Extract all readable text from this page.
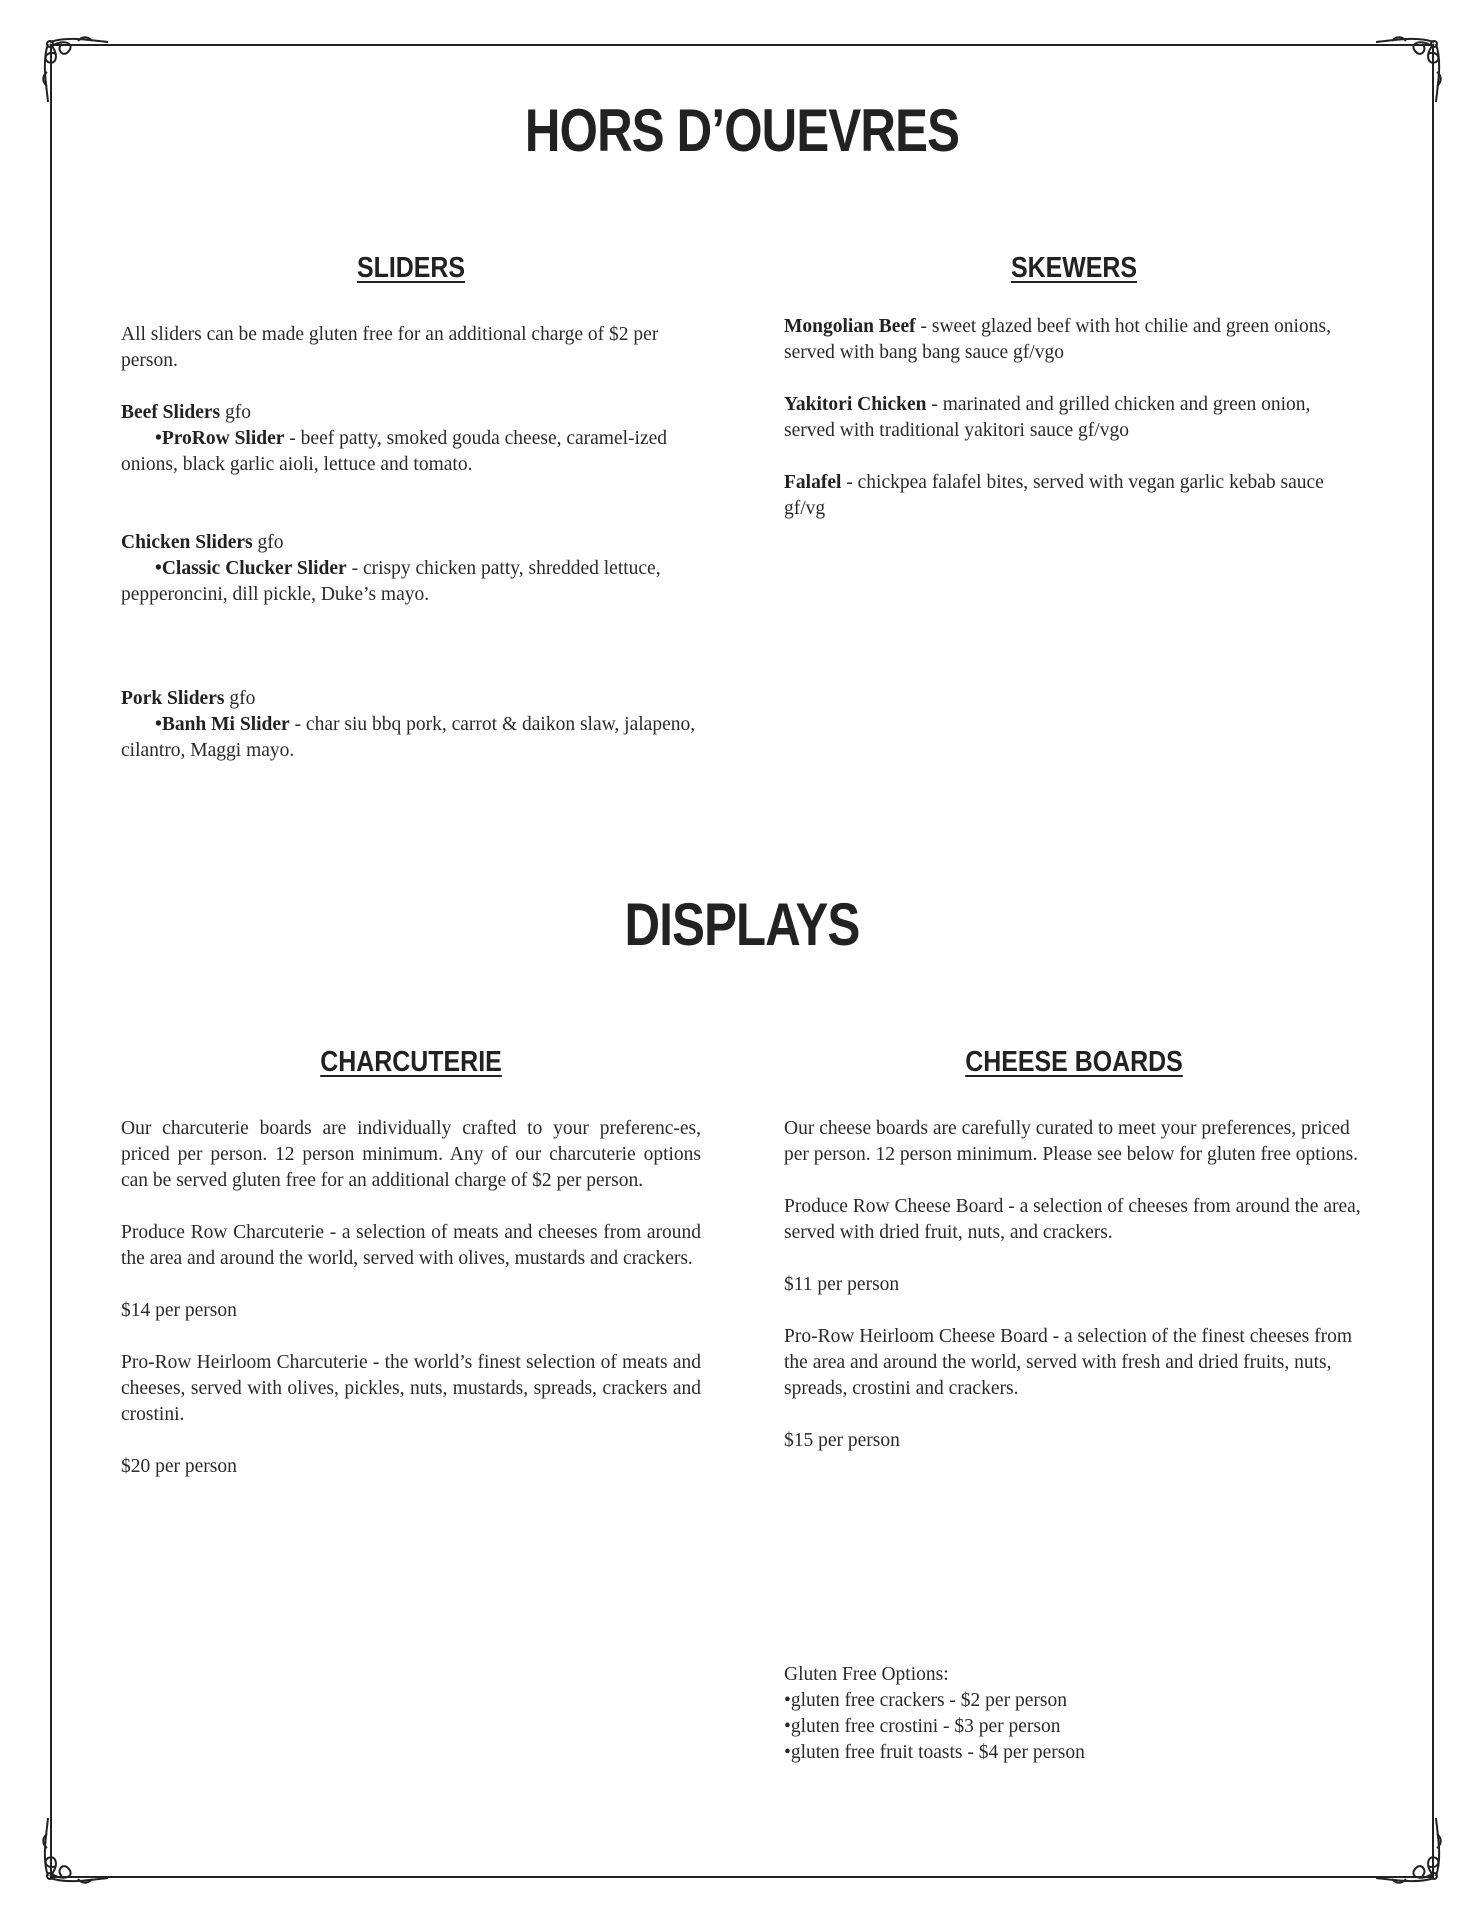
HORS D’OUEVRES
SLIDERS	SKEWERS

All sliders can be made gluten free for an additional charge of $2 per person.

Beef Sliders gfo

•ProRow Slider - beef patty, smoked gouda cheese, caramel-ized onions, black garlic aioli, lettuce and tomato.

Chicken Sliders gfo

•Classic Clucker Slider - crispy chicken patty, shredded lettuce, pepperoncini, dill pickle, Duke’s mayo.

Pork Sliders gfo

•Banh Mi Slider - char siu bbq pork, carrot & daikon slaw, jalapeno, cilantro, Maggi mayo.

Mongolian Beef - sweet glazed beef with hot chilie and green onions, served with bang bang sauce gf/vgo

Yakitori Chicken - marinated and grilled chicken and green onion, served with traditional yakitori sauce gf/vgo

Falafel - chickpea falafel bites, served with vegan garlic kebab sauce gf/vg

DISPLAYS
CHARCUTERIE	CHEESE BOARDS

Our charcuterie boards are individually crafted to your preferenc-es, priced per person. 12 person minimum. Any of our charcuterie options can be served gluten free for an additional charge of $2 per person.

Produce Row Charcuterie - a selection of meats and cheeses from around the area and around the world, served with olives, mustards and crackers.

$14 per person

Pro-Row Heirloom Charcuterie - the world’s finest selection of meats and cheeses, served with olives, pickles, nuts, mustards, spreads, crackers and crostini.

$20 per person

Our cheese boards are carefully curated to meet your preferences, priced per person. 12 person minimum. Please see below for gluten free options.

Produce Row Cheese Board - a selection of cheeses from around the area, served with dried fruit, nuts, and crackers.

$11 per person

Pro-Row Heirloom Cheese Board - a selection of the finest cheeses from the area and around the world, served with fresh and dried fruits, nuts, spreads, crostini and crackers.

$15 per person

Gluten Free Options:

•gluten free crackers - $2 per person

•gluten free crostini - $3 per person

•gluten free fruit toasts - $4 per person
